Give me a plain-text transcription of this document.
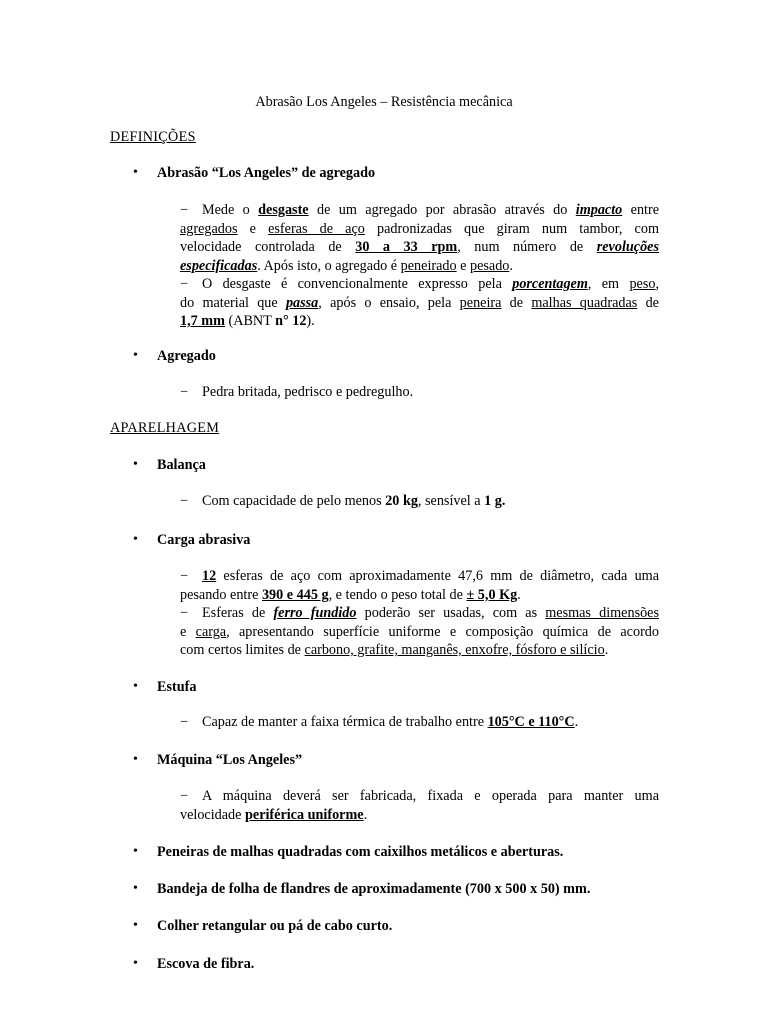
Abrasão Los Angeles – Resistência mecânica
DEFINIÇÕES
• Abrasão “Los Angeles” de agregado

− Mede o desgaste de um agregado por abrasão através do impacto entre

agregados e esferas de aço padronizadas que giram num tambor, com

velocidade controlada de 30 a 33 rpm, num número de revoluções

especificadas. Após isto, o agregado é peneirado e pesado.

− O desgaste é convencionalmente expresso pela porcentagem, em peso,

do material que passa, após o ensaio, pela peneira de malhas quadradas de

1,7 mm (ABNT n° 12).

• Agregado

− Pedra britada, pedrisco e pedregulho.

APARELHAGEM
• Balança

− Com capacidade de pelo menos 20 kg, sensível a 1 g.

• Carga abrasiva

− 12 esferas de aço com aproximadamente 47,6 mm de diâmetro, cada uma

pesando entre 390 e 445 g, e tendo o peso total de ± 5,0 Kg.

− Esferas de ferro fundido poderão ser usadas, com as mesmas dimensões

e carga, apresentando superfície uniforme e composição química de acordo

com certos limites de carbono, grafite, manganês, enxofre, fósforo e silício.

• Estufa

− Capaz de manter a faixa térmica de trabalho entre 105°C e 110°C.

• Máquina “Los Angeles”

− A máquina deverá ser fabricada, fixada e operada para manter uma

velocidade periférica uniforme.

• Peneiras de malhas quadradas com caixilhos metálicos e aberturas.
• Bandeja de folha de flandres de aproximadamente (700 x 500 x 50) mm.
• Colher retangular ou pá de cabo curto.
• Escova de fibra.
